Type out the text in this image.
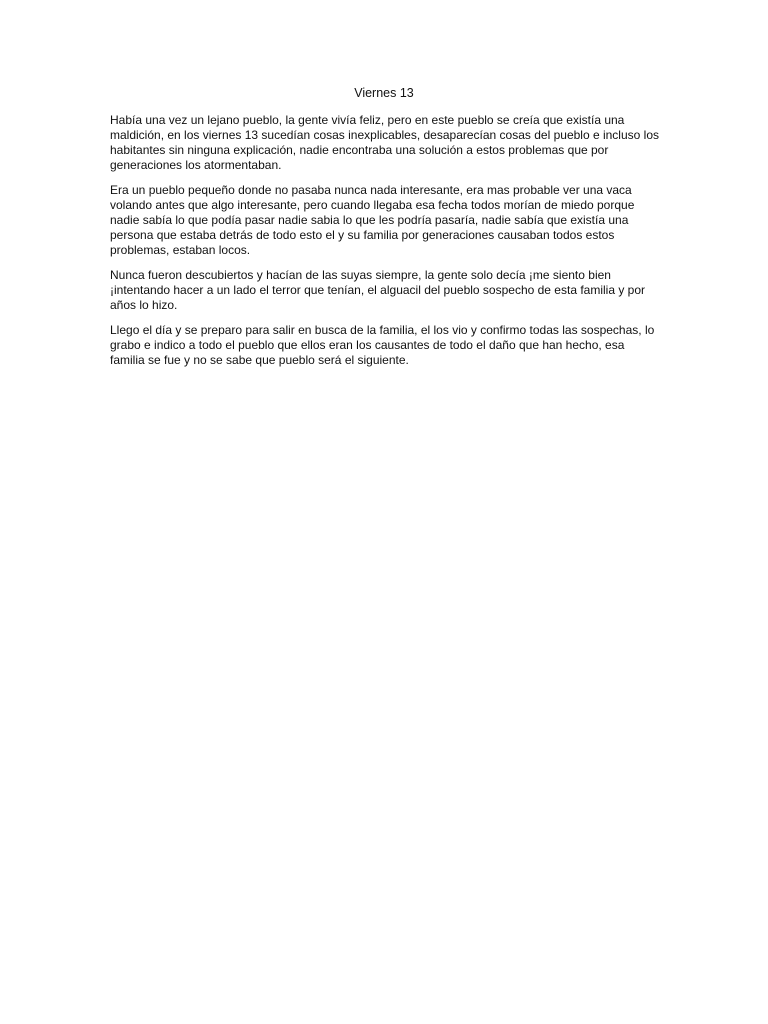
Viernes 13

Había una vez un lejano pueblo, la gente vivía feliz, pero en este pueblo se creía que existía una maldición, en los viernes 13 sucedían cosas inexplicables, desaparecían cosas del pueblo e incluso los habitantes sin ninguna explicación, nadie encontraba una solución a estos problemas que por generaciones los atormentaban.

Era un pueblo pequeño donde no pasaba nunca nada interesante, era mas probable ver una vaca volando antes que algo interesante, pero cuando llegaba esa fecha todos morían de miedo porque nadie sabía lo que podía pasar nadie sabia lo que les podría pasaría, nadie sabía que existía una persona que estaba detrás de todo esto el y su familia por generaciones causaban todos estos problemas, estaban locos.

Nunca fueron descubiertos y hacían de las suyas siempre, la gente solo decía ¡me siento bien ¡intentando hacer a un lado el terror que tenían, el alguacil del pueblo sospecho de esta familia y por años lo hizo.

Llego el día y se preparo para salir en busca de la familia, el los vio y confirmo todas las sospechas, lo grabo e indico a todo el pueblo que ellos eran los causantes de todo el daño que han hecho, esa familia se fue y no se sabe que pueblo será el siguiente.
